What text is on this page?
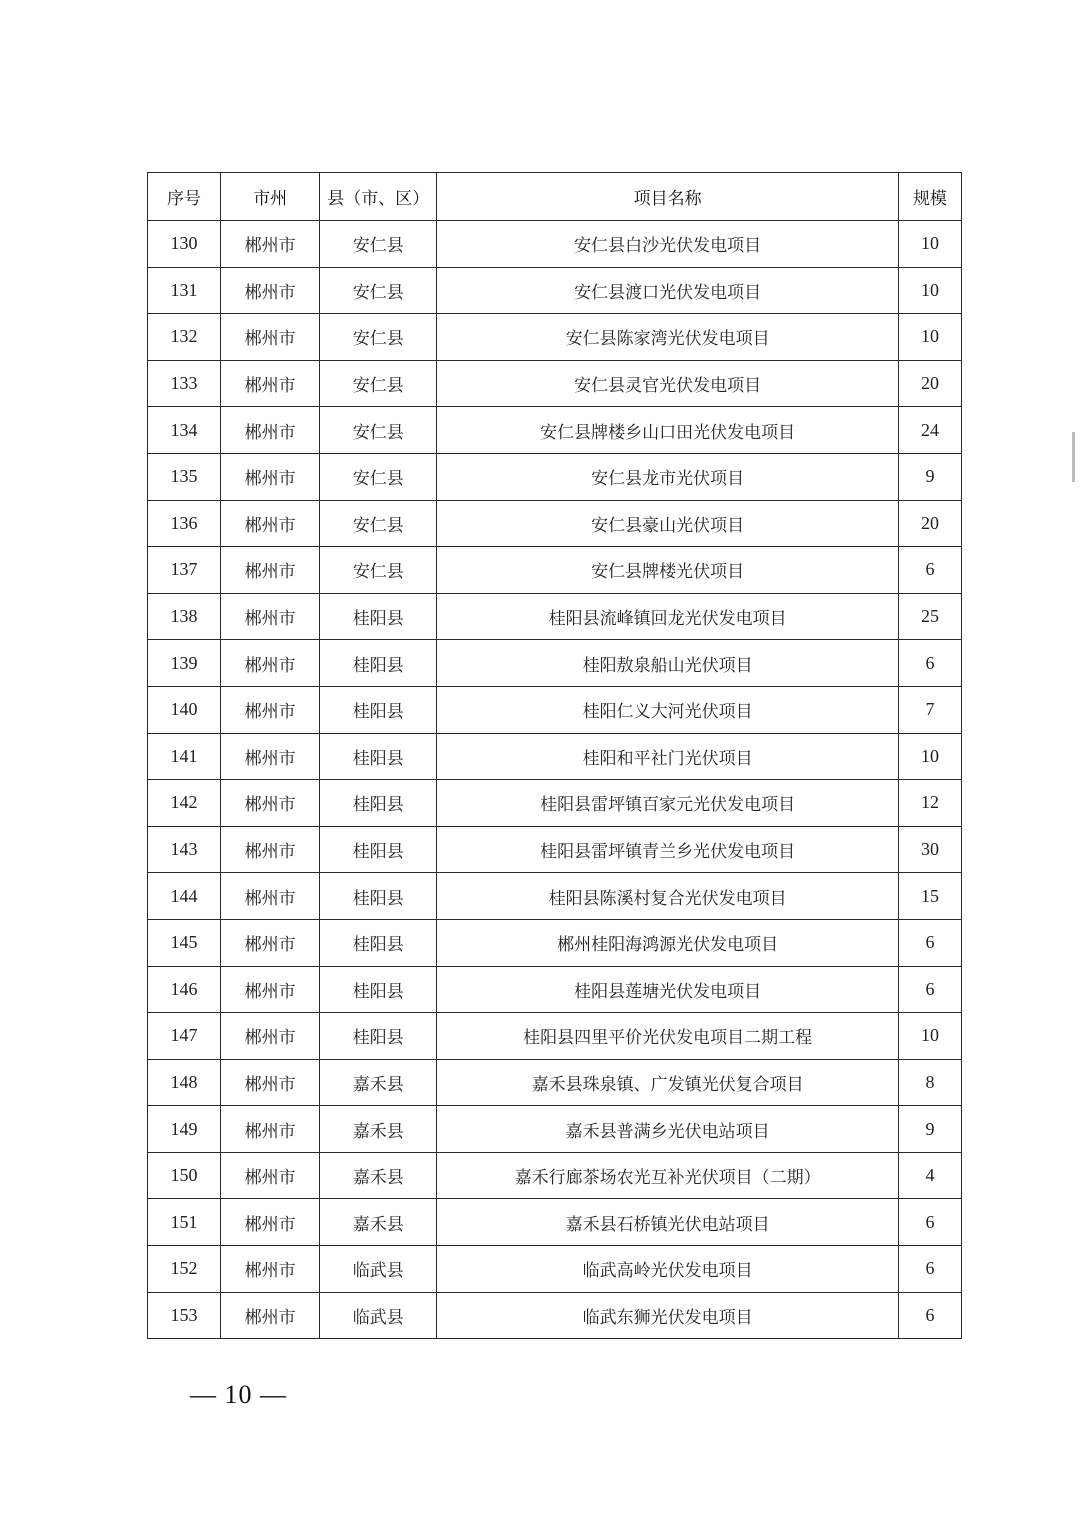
序号	市州	县（市、区）	项目名称	规模
130	郴州市	安仁县	安仁县白沙光伏发电项目	10
131	郴州市	安仁县	安仁县渡口光伏发电项目	10
132	郴州市	安仁县	安仁县陈家湾光伏发电项目	10
133	郴州市	安仁县	安仁县灵官光伏发电项目	20
134	郴州市	安仁县	安仁县牌楼乡山口田光伏发电项目	24
135	郴州市	安仁县	安仁县龙市光伏项目	9
136	郴州市	安仁县	安仁县豪山光伏项目	20
137	郴州市	安仁县	安仁县牌楼光伏项目	6
138	郴州市	桂阳县	桂阳县流峰镇回龙光伏发电项目	25
139	郴州市	桂阳县	桂阳敖泉船山光伏项目	6
140	郴州市	桂阳县	桂阳仁义大河光伏项目	7
141	郴州市	桂阳县	桂阳和平社门光伏项目	10
142	郴州市	桂阳县	桂阳县雷坪镇百家元光伏发电项目	12
143	郴州市	桂阳县	桂阳县雷坪镇青兰乡光伏发电项目	30
144	郴州市	桂阳县	桂阳县陈溪村复合光伏发电项目	15
145	郴州市	桂阳县	郴州桂阳海鸿源光伏发电项目	6
146	郴州市	桂阳县	桂阳县莲塘光伏发电项目	6
147	郴州市	桂阳县	桂阳县四里平价光伏发电项目二期工程	10
148	郴州市	嘉禾县	嘉禾县珠泉镇、广发镇光伏复合项目	8
149	郴州市	嘉禾县	嘉禾县普满乡光伏电站项目	9
150	郴州市	嘉禾县	嘉禾行廊茶场农光互补光伏项目（二期）	4
151	郴州市	嘉禾县	嘉禾县石桥镇光伏电站项目	6
152	郴州市	临武县	临武高岭光伏发电项目	6
153	郴州市	临武县	临武东狮光伏发电项目	6
— 10 —
